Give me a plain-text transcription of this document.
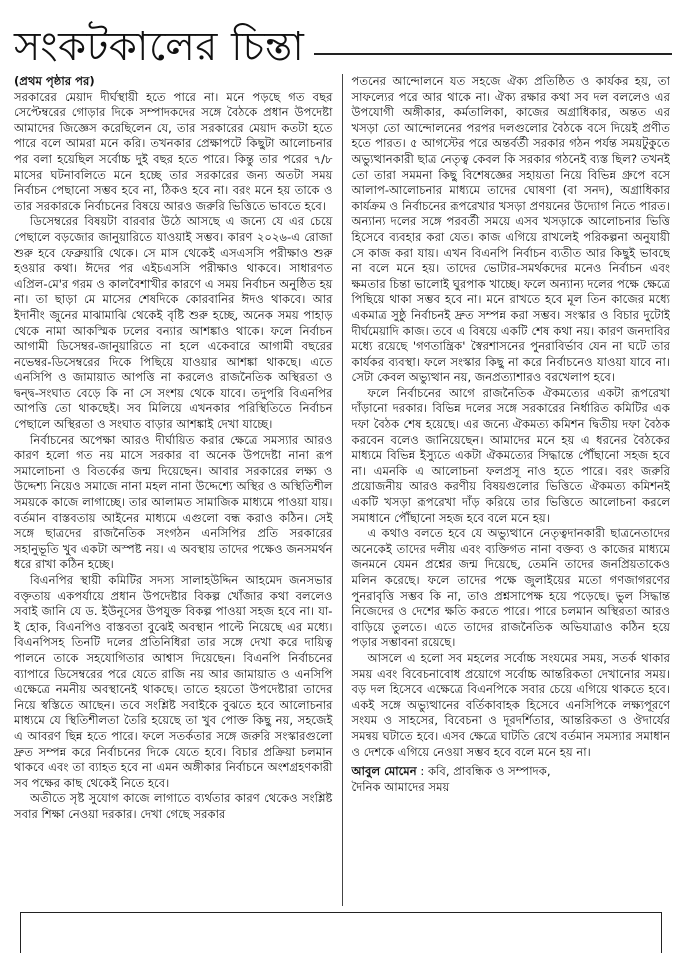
সংকটকালের চিন্তা

(প্রথম পৃষ্ঠার পর)

সরকারের মেয়াদ দীর্ঘস্থায়ী হতে পারে না। মনে পড়ছে গত বছর সেপ্টেম্বরের গোড়ার দিকে সম্পাদকদের সঙ্গে বৈঠকে প্রধান উপদেষ্টা আমাদের জিজ্ঞেস করেছিলেন যে, তার সরকারের মেয়াদ কতটা হতে পারে বলে আমরা মনে করি। তখনকার প্রেক্ষাপটে কিছুটা আলোচনার পর বলা হয়েছিল সর্বোচ্চ দুই বছর হতে পারে। কিন্তু তার পরের ৭/৮ মাসের ঘটনাবলিতে মনে হচ্ছে তার সরকারের জন্য অতটা সময় নির্বাচন পেছানো সম্ভব হবে না, ঠিকও হবে না। বরং মনে হয় তাকে ও তার সরকারকে নির্বাচনের বিষয়ে আরও জরুরি ভিত্তিতে ভাবতে হবে।

ডিসেম্বরের বিষয়টা বারবার উঠে আসছে এ জন্যে যে এর চেয়ে পেছালে বড়জোর জানুয়ারিতে যাওয়াই সম্ভব। কারণ ২০২৬-এ রোজা শুরু হবে ফেব্রুয়ারি থেকে। সে মাস থেকেই এসএসসি পরীক্ষাও শুরু হওয়ার কথা। ঈদের পর এইচএসসি পরীক্ষাও থাকবে। সাধারণত এপ্রিল-মে'র গরম ও কালবৈশাখীর কারণে এ সময় নির্বাচন অনুষ্ঠিত হয় না। তা ছাড়া মে মাসের শেষদিকে কোরবানির ঈদও থাকবে। আর ইদানীং জুনের মাঝামাঝি থেকেই বৃষ্টি শুরু হচ্ছে, অনেক সময় পাহাড় থেকে নামা আকস্মিক ঢলের বন্যার আশঙ্কাও থাকে। ফলে নির্বাচন আগামী ডিসেম্বর-জানুয়ারিতে না হলে একেবারে আগামী বছরের নভেম্বর-ডিসেম্বরের দিকে পিছিয়ে যাওয়ার আশঙ্কা থাকছে। এতে এনসিপি ও জামায়াত আপত্তি না করলেও রাজনৈতিক অস্থিরতা ও দ্বন্দ্ব-সংঘাত বেড়ে কি না সে সংশয় থেকে যাবে। তদুপরি বিএনপির আপত্তি তো থাকছেই। সব মিলিয়ে এখনকার পরিস্থিতিতে নির্বাচন পেছালে অস্থিরতা ও সংঘাত বাড়ার আশঙ্কাই দেখা যাচ্ছে।

নির্বাচনের অপেক্ষা আরও দীর্ঘায়িত করার ক্ষেত্রে সমস্যার আরও কারণ হলো গত নয় মাসে সরকার বা অনেক উপদেষ্টা নানা রূপ সমালোচনা ও বিতর্কের জন্ম দিয়েছেন। আবার সরকারের লক্ষ্য ও উদ্দেশ্য নিয়েও সমাজে নানা মহল নানা উদ্দেশ্যে অস্থির ও অস্থিতিশীল সময়কে কাজে লাগাচ্ছে। তার আলামত সামাজিক মাধ্যমে পাওয়া যায়। বর্তমান বাস্তবতায় আইনের মাধ্যমে এগুলো বন্ধ করাও কঠিন। সেই সঙ্গে ছাত্রদের রাজনৈতিক সংগঠন এনসিপির প্রতি সরকারের সহানুভূতি খুব একটা অস্পষ্ট নয়। এ অবস্থায় তাদের পক্ষেও জনসমর্থন ধরে রাখা কঠিন হচ্ছে।

বিএনপির স্থায়ী কমিটির সদস্য সালাহউদ্দিন আহমেদ জনসভার বক্তৃতায় একপর্যায়ে প্রধান উপদেষ্টার বিকল্প খোঁজার কথা বললেও সবাই জানি যে ড. ইউনূসের উপযুক্ত বিকল্প পাওয়া সহজ হবে না। যা-ই হোক, বিএনপিও বাস্তবতা বুঝেই অবস্থান পাল্টে নিয়েছে এর মধ্যে। বিএনপিসহ তিনটি দলের প্রতিনিধিরা তার সঙ্গে দেখা করে দায়িত্ব পালনে তাকে সহযোগিতার আশ্বাস দিয়েছেন। বিএনপি নির্বাচনের ব্যাপারে ডিসেম্বরের পরে যেতে রাজি নয় আর জামায়াত ও এনসিপি এক্ষেত্রে নমনীয় অবস্থানেই থাকছে। তাতে হয়তো উপদেষ্টারা তাদের নিয়ে স্বস্তিতে আছেন। তবে সংশ্লিষ্ট সবাইকে বুঝতে হবে আলোচনার মাধ্যমে যে স্থিতিশীলতা তৈরি হয়েছে তা খুব পোক্ত কিছু নয়, সহজেই এ আবরণ ছিন্ন হতে পারে। ফলে সতর্কতার সঙ্গে জরুরি সংস্কারগুলো দ্রুত সম্পন্ন করে নির্বাচনের দিকে যেতে হবে। বিচার প্রক্রিয়া চলমান থাকবে এবং তা ব্যাহত হবে না এমন অঙ্গীকার নির্বাচনে অংশগ্রহণকারী সব পক্ষের কাছ থেকেই নিতে হবে।

অতীতে সৃষ্ট সুযোগ কাজে লাগাতে ব্যর্থতার কারণ থেকেও সংশ্লিষ্ট সবার শিক্ষা নেওয়া দরকার। দেখা গেছে সরকার

পতনের আন্দোলনে যত সহজে ঐক্য প্রতিষ্ঠিত ও কার্যকর হয়, তা সাফল্যের পরে আর থাকে না। ঐক্য রক্ষার কথা সব দল বললেও এর উপযোগী অঙ্গীকার, কর্মতালিকা, কাজের অগ্রাধিকার, অন্তত এর খসড়া তো আন্দোলনের পরপর দলগুলোর বৈঠকে বসে দিয়েই প্রণীত হতে পারত। ৫ আগস্টের পরে অন্তর্বর্তী সরকার গঠন পর্যন্ত সময়টুকুতে অভ্যুত্থানকারী ছাত্র নেতৃত্ব কেবল কি সরকার গঠনেই ব্যস্ত ছিল? তখনই তো তারা সমমনা কিছু বিশেষজ্ঞের সহায়তা নিয়ে বিভিন্ন গ্রুপে বসে আলাপ-আলোচনার মাধ্যমে তাদের ঘোষণা (বা সনদ), অগ্রাধিকার কার্যক্রম ও নির্বাচনের রূপরেখার খসড়া প্রণয়নের উদ্যোগ নিতে পারত। অন্যান্য দলের সঙ্গে পরবর্তী সময়ে এসব খসড়াকে আলোচনার ভিত্তি হিসেবে ব্যবহার করা যেত। কাজ এগিয়ে রাখলেই পরিকল্পনা অনুযায়ী সে কাজ করা যায়। এখন বিএনপি নির্বাচন ব্যতীত আর কিছুই ভাবছে না বলে মনে হয়। তাদের ভোটার-সমর্থকদের মনেও নির্বাচন এবং ক্ষমতার চিন্তা ভালোই ঘুরপাক খাচ্ছে। ফলে অন্যান্য দলের পক্ষে ক্ষেত্রে পিছিয়ে থাকা সম্ভব হবে না। মনে রাখতে হবে মূল তিন কাজের মধ্যে একমাত্র সুষ্ঠু নির্বাচনই দ্রুত সম্পন্ন করা সম্ভব। সংস্কার ও বিচার দুটোই দীর্ঘমেয়াদি কাজ। তবে এ বিষয়ে একটি শেষ কথা নয়। কারণ জনদাবির মধ্যে রয়েছে 'গণতান্ত্রিক' স্বৈরশাসনের পুনরাবির্ভাব যেন না ঘটে তার কার্যকর ব্যবস্থা। ফলে সংস্কার কিছু না করে নির্বাচনেও যাওয়া যাবে না। সেটা কেবল অভ্যুত্থান নয়, জনপ্রত্যাশারও বরখেলাপ হবে।

ফলে নির্বাচনের আগে রাজনৈতিক ঐকমত্যের একটা রূপরেখা দাঁড়ানো দরকার। বিভিন্ন দলের সঙ্গে সরকারের নির্ধারিত কমিটির এক দফা বৈঠক শেষ হয়েছে। এর জন্যে ঐকমত্য কমিশন দ্বিতীয় দফা বৈঠক করবেন বলেও জানিয়েছেন। আমাদের মনে হয় এ ধরনের বৈঠকের মাধ্যমে বিভিন্ন ইস্যুতে একটা ঐকমত্যের সিদ্ধান্তে পৌঁছানো সহজ হবে না। এমনকি এ আলোচনা ফলপ্রসূ নাও হতে পারে। বরং জরুরি প্রয়োজনীয় আরও করণীয় বিষয়গুলোর ভিত্তিতে ঐকমত্য কমিশনই একটি খসড়া রূপরেখা দাঁড় করিয়ে তার ভিত্তিতে আলোচনা করলে সমাধানে পৌঁছানো সহজ হবে বলে মনে হয়।

এ কথাও বলতে হবে যে অভ্যুত্থানে নেতৃত্বদানকারী ছাত্রনেতাদের অনেকেই তাদের দলীয় এবং ব্যক্তিগত নানা বক্তব্য ও কাজের মাধ্যমে জনমনে যেমন প্রশ্নের জন্ম দিয়েছে, তেমনি তাদের জনপ্রিয়তাকেও মলিন করেছে। ফলে তাদের পক্ষে জুলাইয়ের মতো গণজাগরণের পুনরাবৃত্তি সম্ভব কি না, তাও প্রশ্নসাপেক্ষ হয়ে পড়েছে। ভুল সিদ্ধান্ত নিজেদের ও দেশের ক্ষতি করতে পারে। পারে চলমান অস্থিরতা আরও বাড়িয়ে তুলতে। এতে তাদের রাজনৈতিক অভিযাত্রাও কঠিন হয়ে পড়ার সম্ভাবনা রয়েছে।

আসলে এ হলো সব মহলের সর্বোচ্চ সংযমের সময়, সতর্ক থাকার সময় এবং বিবেচনাবোধ প্রয়োগে সর্বোচ্চ আন্তরিকতা দেখানোর সময়। বড় দল হিসেবে এক্ষেত্রে বিএনপিকে সবার চেয়ে এগিয়ে থাকতে হবে। একই সঙ্গে অভ্যুত্থানের বর্তিকাবাহক হিসেবে এনসিপিকে লক্ষ্যপূরণে সংযম ও সাহসের, বিবেচনা ও দূরদর্শিতার, আন্তরিকতা ও ঔদার্যের সমন্বয় ঘটাতে হবে। এসব ক্ষেত্রে ঘাটতি রেখে বর্তমান সমস্যার সমাধান ও দেশকে এগিয়ে নেওয়া সম্ভব হবে বলে মনে হয় না।

আবুল মোমেন : কবি, প্রাবন্ধিক ও সম্পাদক,
দৈনিক আমাদের সময়
